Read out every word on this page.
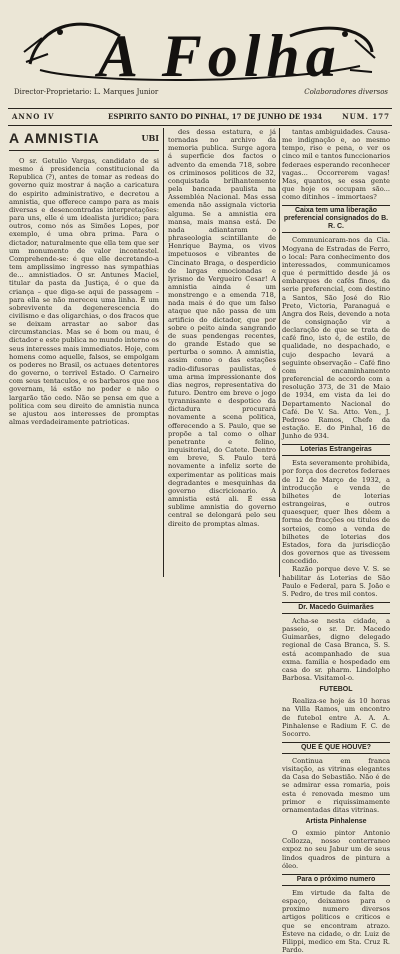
A Folha
Director-Proprietario: L. Marques Junior	Colaboradores diversos
ANNO IV	ESPIRITO SANTO DO PINHAL, 17 DE JUNHO DE 1934	NUM. 177
A AMNISTIA	UBI

O sr. Getulio Vargas, candidato de si mesmo á presidencia constitucional da Republica (?), antes de tomar as redeas do governo quiz mostrar á nação a caricatura do espirito administrativo, e decretou a amnistia, que offerece campo para as mais diversas e desencontradas interpretações: para uns, elle é um idealista juridico; para outros, como nós as Simões Lopes, por exemplo, é uma obra prima. Para o dictador, naturalmente que ella tem que ser um monumento de valor incontestel. Comprehende-se: é que elle decretando-a tem amplissimo ingresso nas sympathias de... amnistiados. O sr. Antunes Maciel, titular da pasta da Justiça, é o que da criança – que diga-se aqui de passagem – para ella se não mereceu uma linha. É um sobrevivente da degenerescencia do civilismo e das oligarchias, o dos fracos que se deixam arrastar ao sabor das circumstancias. Mas se é bom ou mau, é dictador e este publica no mundo interno os seus interesses mais immediatos. Hoje, com homens como aquelle, falsos, se empolgam os poderes no Brasil, os actuaes detentores do governo, o terrivel Estado. O Carneiro com seus tentaculos, e os barbaros que nos governam, lá estão no poder e não o largarão tão cedo. Não se pensa em que a politica com seu direito de amnistia nunca se ajustou aos interesses de promptas almas verdadeiramente patrioticas.

des dessa estatura, e já tornadas no archivo da memoria publica. Surge agora á superficie dos factos o advento da emenda 718, sobre os criminosos politicos de 32, conquistada brilhantemente pela bancada paulista na Assembléa Nacional. Mas essa emenda não assignala victoria alguma. Se a amnistia era mansa, mais mansa está. De nada adiantaram o phraseologia scintillante de Henrique Bayma, os vivos impetuosos e vibrantes de Cincinato Braga, o desperdicio de largas emocionadas e lyrismo de Vergueiro Cesar! A amnistia ainda é um monstrengo e a emenda 718, nada mais é do que um falso ataque que não passa de um artificio do dictador, que por sobre o peito ainda sangrando de suas pendengas recentes, do grande Estado que se perturba o somno. A amnistia, assim como o das estações radio-difusoras paulistas, é uma arma impressionante dos dias negros, representativa do futuro. Dentro em breve o jogo tyrannisante e despotico da dictadura procurará novamente a scena politica, offerecendo a S. Paulo, que se propõe a tal como o olhar penetrante e felino, inquisitorial, do Catete. Dentro em breve, S. Paulo terá novamente a infeliz sorte de experimentar as politicas mais degradantes e mesquinhas da governo discricionario. A amnistia está ali. É essa sublime amnistia do governo central se delongará pelo seu direito de promptas almas.

tantas ambiguidades. Causa-me indignação e, ao mesmo tempo, riso e pena, o ver os cinco mil e tantos funccionarios federaes esperando reconhecer vagas... Occorrerem vagas! Mas, quantos, se essa gente que hoje os occupam são... como ditinhos – immortaes?

Caixa tem uma liberação preferencial consignados do B. R. C.

Communicaram-nos da Cia. Mogyana de Estradas de Ferro, o local: Para conhecimento dos interessados, communicamos que é permittido desde já os embarques de cafés finos, da serie preferencial, com destino a Santos, São José do Rio Preto, Victoria, Paranaguá e Angra dos Reis, devendo a nota de consignação vir a declaração de que se trata de café fino, isto é, de estilo, de qualidade, no despachado, e cujo despacho levará a seguinte observação – Café fino com encaminhamento preferencial de accordo com a resolução 373, de 31 de Maio de 1934, em vista da lei do Departamento Nacional do Café. De V. Sa. Atto. Ven., J. Pedroso Ramos, Chefe da estação. E. do Pinhal, 16 de Junho de 934.

Loterias Estrangeiras

Esta severamente prohibida, por força dos decretos federaes de 12 de Março de 1932, a introducção e venda de bilhetes de loterias estrangeiras, e outros quaesquer, quer lhes dêem a forma de fracções ou titulos de sorteios, como a venda de bilhetes de loterias dos Estados, fora da jurisdicção dos governos que as tivessem concedido.

Razão porque deve V. S. se habilitar ás Loterias de São Paulo e Federal, para S. João e S. Pedro, de tres mil contos.

Dr. Macedo Guimarães

Acha-se nesta cidade, a passeio, o sr. Dr. Macedo Guimarães, digno delegado regional de Casa Branca, S. S. está acompanhado de sua exma. familia e hospedado em casa do sr. pharm. Lindolpho Barbosa. Visitamol-o.

FUTEBOL

Realiza-se hoje ás 10 horas na Villa Ramos, um encontro de futebol entre A. A. A. Pinhalense e Radium F. C. de Socorro.

QUE É QUE HOUVE?

Continua em franca visitação, as vitrinas elegantes da Casa do Sebastião. Não é de se admirar essa romaria, pois esta é renovada mesmo um primor e riquissimamente ornamentadas ditas vitrinas.

Artista Pinhalense

O exmio pintor Antonio Collozza, nosso conterraneo expoz no seu Jabur um de seus lindos quadros de pintura a óleo.

Para o próximo numero

Em virtude da falta de espaço, deixamos para o proximo numero diversos artigos politicos e criticos e que se encontram atrazo. Esteve na cidade, o dr. Luiz de Filippi, medico em Sta. Cruz R. Pardo.
